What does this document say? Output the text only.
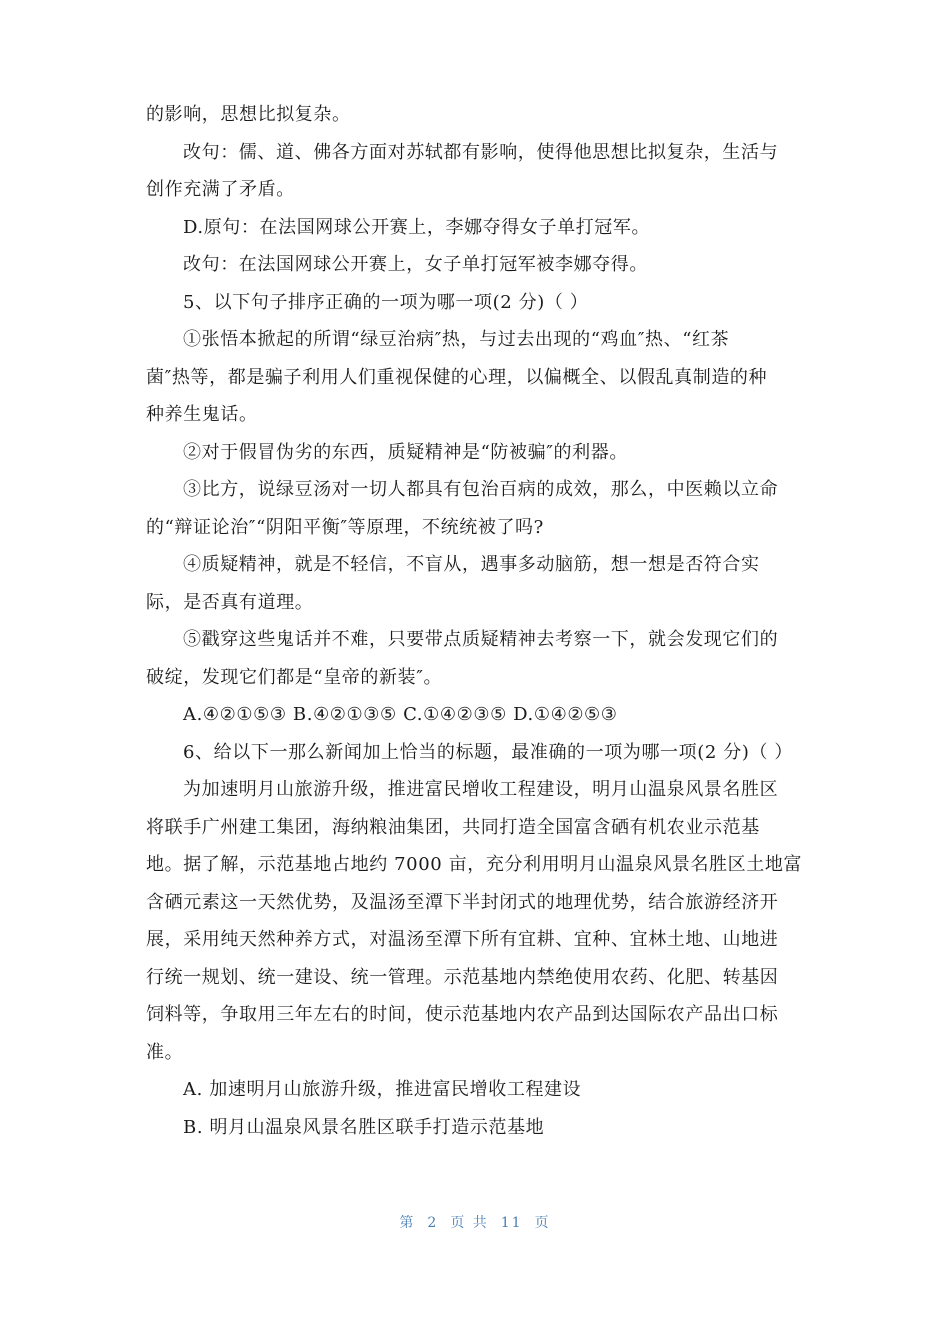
的影响，思想比拟复杂。
改句：儒、道、佛各方面对苏轼都有影响，使得他思想比拟复杂，生活与
创作充满了矛盾。
D.原句：在法国网球公开赛上，李娜夺得女子单打冠军。
改句：在法国网球公开赛上，女子单打冠军被李娜夺得。
5、以下句子排序正确的一项为哪一项(2 分)（ ）
①张悟本掀起的所谓“绿豆治病″热，与过去出现的“鸡血″热、“红茶
菌″热等，都是骗子利用人们重视保健的心理，以偏概全、以假乱真制造的种
种养生鬼话。
②对于假冒伪劣的东西，质疑精神是“防被骗″的利器。
③比方，说绿豆汤对一切人都具有包治百病的成效，那么，中医赖以立命
的“辩证论治″“阴阳平衡″等原理，不统统被了吗?
④质疑精神，就是不轻信，不盲从，遇事多动脑筋，想一想是否符合实
际，是否真有道理。
⑤戳穿这些鬼话并不难，只要带点质疑精神去考察一下，就会发现它们的
破绽，发现它们都是“皇帝的新装″。
A.④②①⑤③ B.④②①③⑤ C.①④②③⑤ D.①④②⑤③
6、给以下一那么新闻加上恰当的标题，最准确的一项为哪一项(2 分)（ ）
为加速明月山旅游升级，推进富民增收工程建设，明月山温泉风景名胜区
将联手广州建工集团，海纳粮油集团，共同打造全国富含硒有机农业示范基
地。据了解，示范基地占地约 7000 亩，充分利用明月山温泉风景名胜区土地富
含硒元素这一天然优势，及温汤至潭下半封闭式的地理优势，结合旅游经济开
展，采用纯天然种养方式，对温汤至潭下所有宜耕、宜种、宜林土地、山地进
行统一规划、统一建设、统一管理。示范基地内禁绝使用农药、化肥、转基因
饲料等，争取用三年左右的时间，使示范基地内农产品到达国际农产品出口标
准。
A. 加速明月山旅游升级，推进富民增收工程建设
B. 明月山温泉风景名胜区联手打造示范基地
第 2 页 共 11 页
